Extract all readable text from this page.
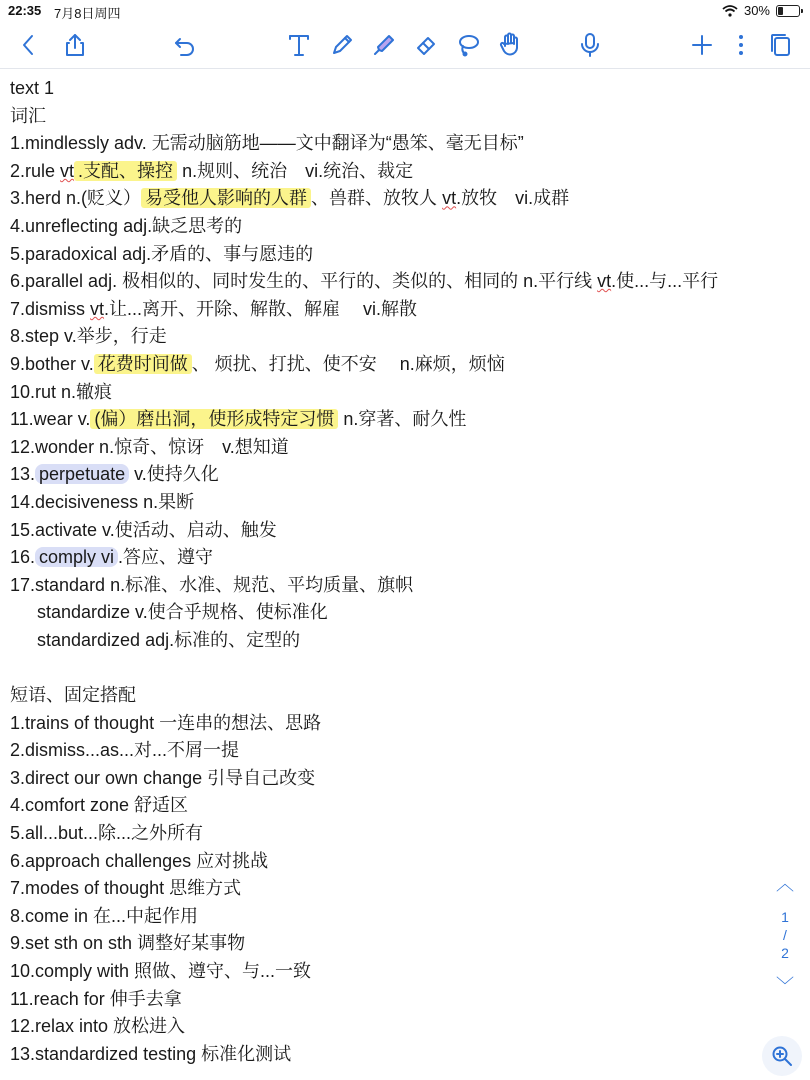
22:35 7月8日周四	30%
text 1
词汇
1.mindlessly adv. 无需动脑筋地——文中翻译为“愚笨、毫无目标”
2.rule vt .支配、操控 n.规则、统治　vi.统治、裁定
3.herd n.(贬义） 易受他人影响的人群 、兽群、放牧人 vt.放牧　vi.成群
4.unreflecting adj.缺乏思考的
5.paradoxical adj.矛盾的、事与愿违的
6.parallel adj. 极相似的、同时发生的、平行的、类似的、相同的 n.平行线 vt.使...与...平行
7.dismiss vt.让...离开、开除、解散、解雇　 vi.解散
8.step v.举步，行走
9.bother v. 花费时间做 、 烦扰、打扰、使不安　 n.麻烦，烦恼
10.rut n.辙痕
11.wear v. (偏）磨出洞，使形成特定习惯 n.穿著、耐久性
12.wonder n.惊奇、惊讶　v.想知道
13. perpetuate v.使持久化
14.decisiveness n.果断
15.activate v.使活动、启动、触发
16. comply vi .答应、遵守
17.standard n.标准、水准、规范、平均质量、旗帜
standardize v.使合乎规格、使标准化
standardized adj.标准的、定型的
短语、固定搭配
1.trains of thought 一连串的想法、思路
2.dismiss...as...对...不屑一提
3.direct our own change 引导自己改变
4.comfort zone 舒适区
5.all...but...除...之外所有
6.approach challenges 应对挑战
7.modes of thought 思维方式
8.come in 在...中起作用
9.set sth on sth 调整好某事物
10.comply with 照做、遵守、与...一致
11.reach for 伸手去拿
12.relax into 放松进入
13.standardized testing 标准化测试
︿
1
/
2
﹀
